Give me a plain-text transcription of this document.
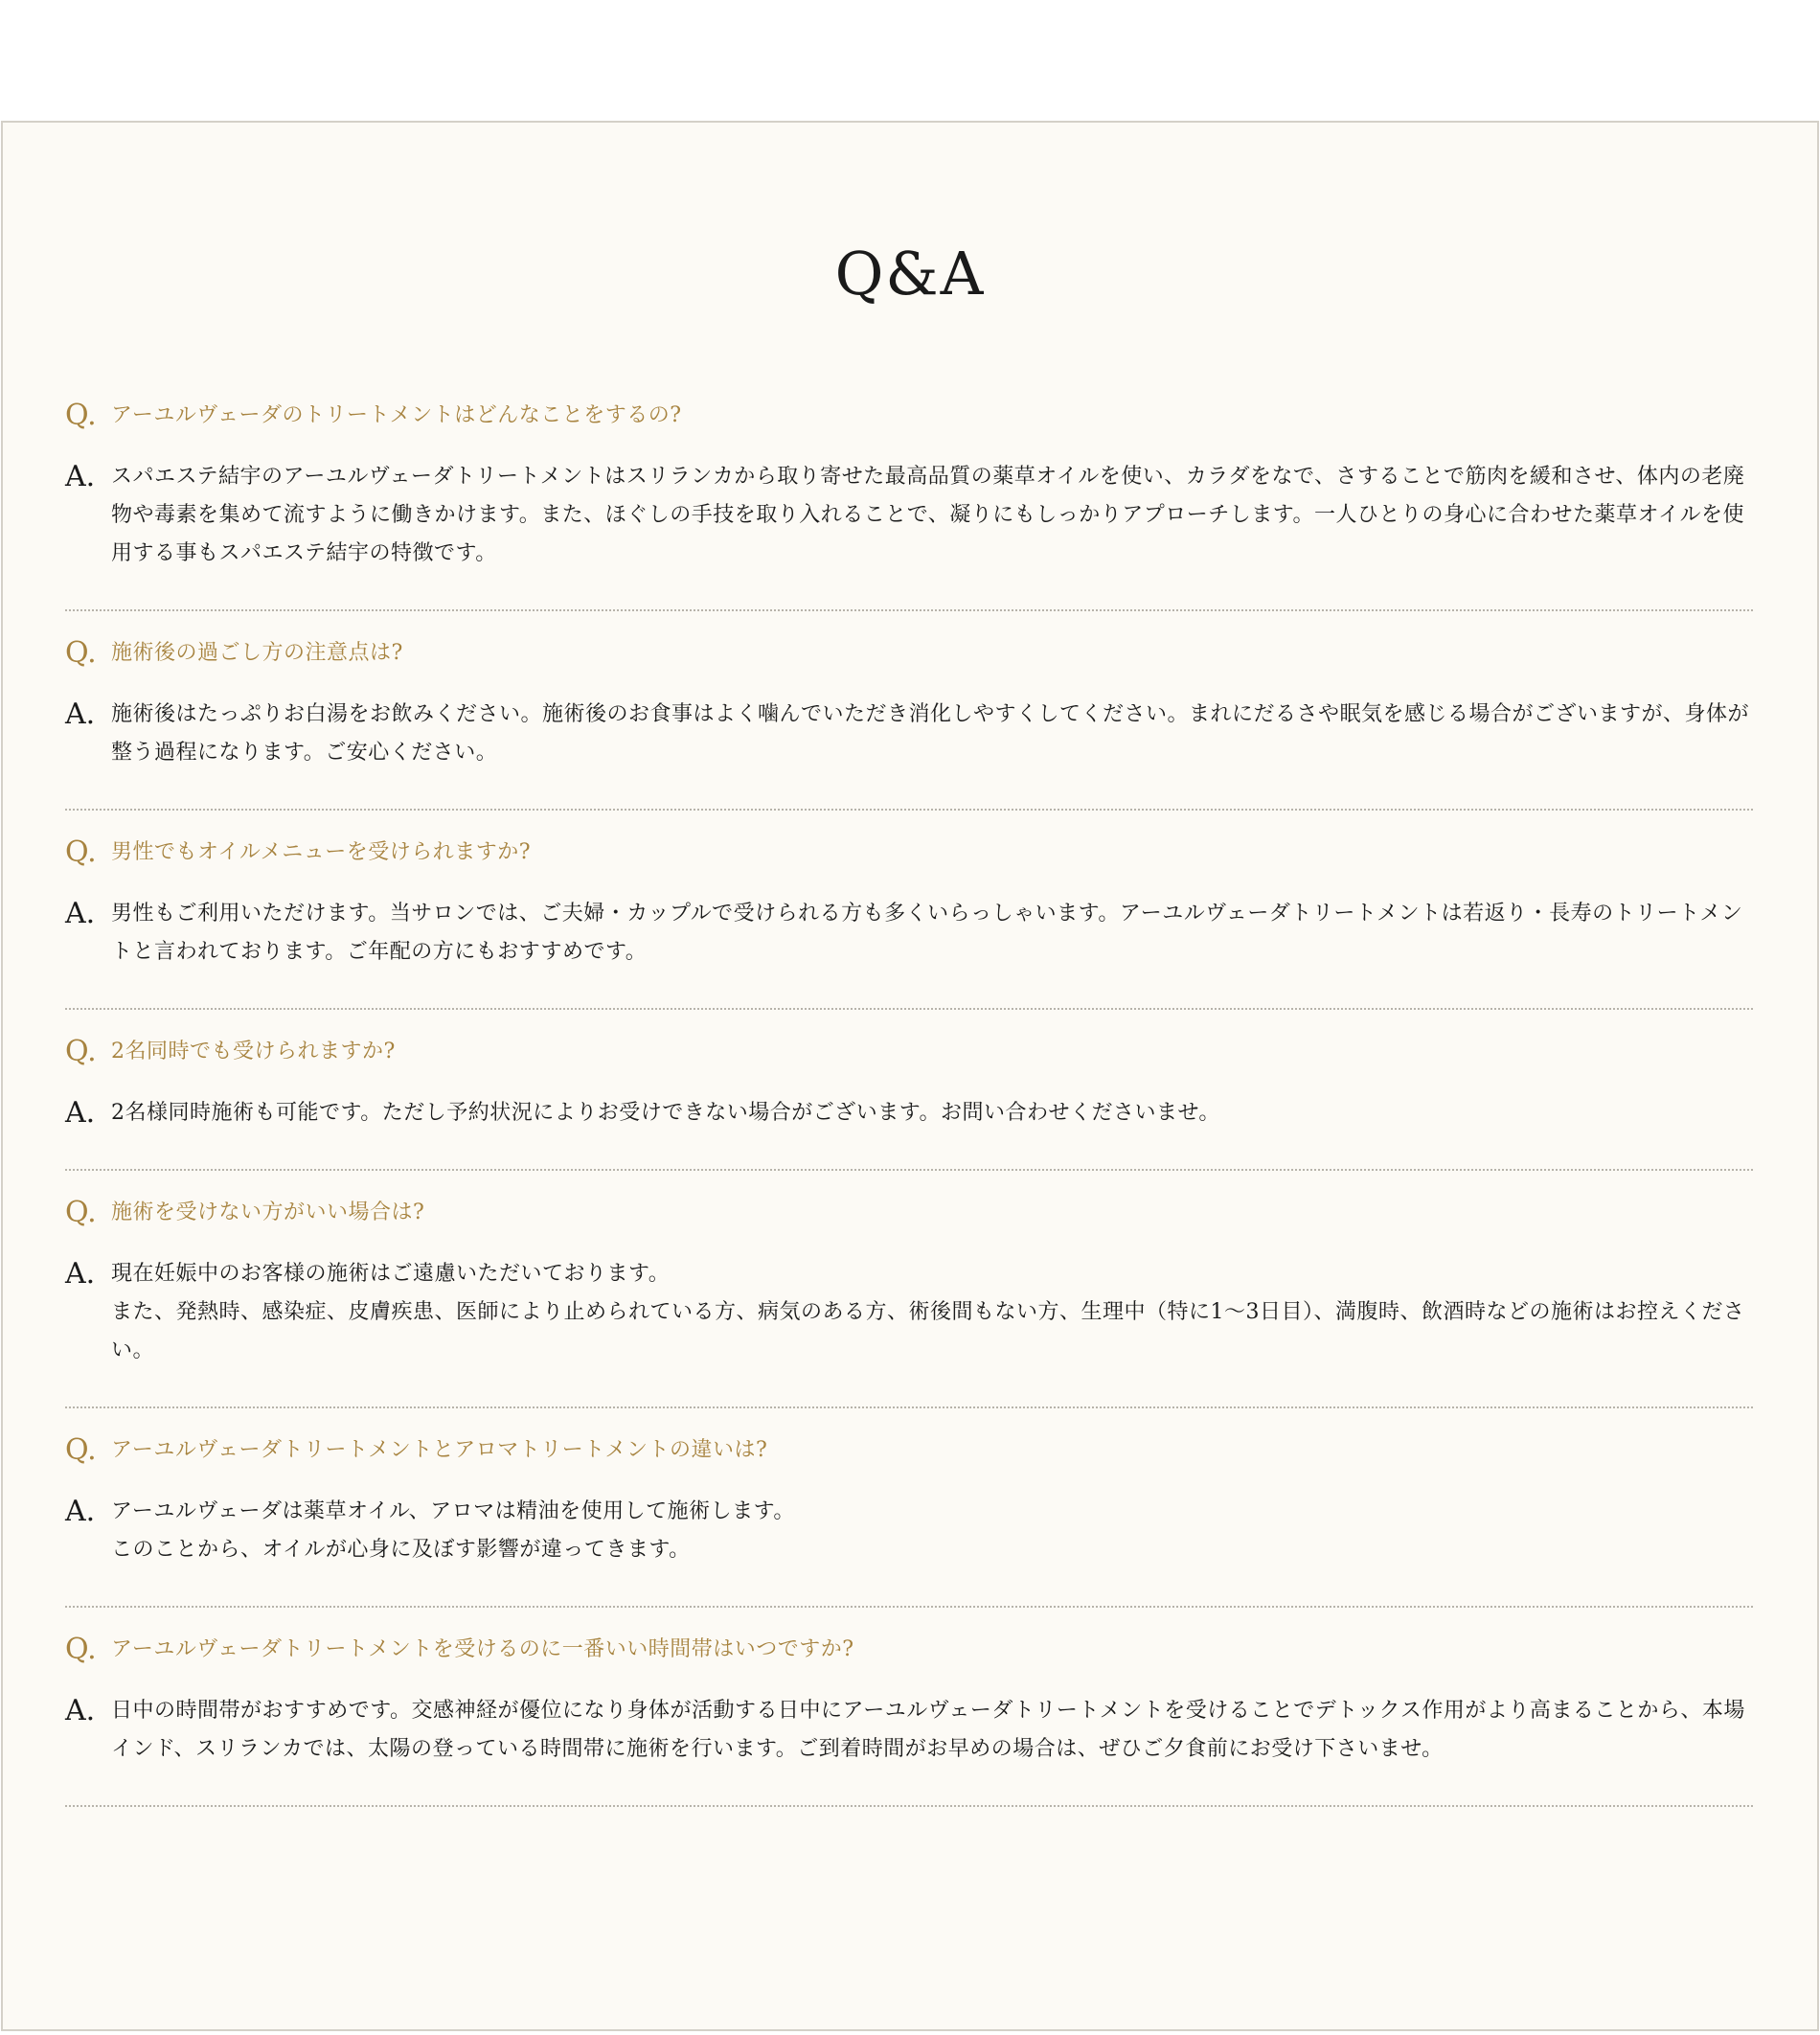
Q&A
Q. アーユルヴェーダのトリートメントはどんなことをするの?
A. スパエステ結宇のアーユルヴェーダトリートメントはスリランカから取り寄せた最高品質の薬草オイルを使い、カラダをなで、さすることで筋肉を緩和させ、体内の老廃物や毒素を集めて流すように働きかけます。また、ほぐしの手技を取り入れることで、凝りにもしっかりアプローチします。一人ひとりの身心に合わせた薬草オイルを使用する事もスパエステ結宇の特徴です。
Q. 施術後の過ごし方の注意点は?
A. 施術後はたっぷりお白湯をお飲みください。施術後のお食事はよく噛んでいただき消化しやすくしてください。まれにだるさや眠気を感じる場合がございますが、身体が整う過程になります。ご安心ください。
Q. 男性でもオイルメニューを受けられますか?
A. 男性もご利用いただけます。当サロンでは、ご夫婦・カップルで受けられる方も多くいらっしゃいます。アーユルヴェーダトリートメントは若返り・長寿のトリートメントと言われております。ご年配の方にもおすすめです。
Q. 2名同時でも受けられますか?
A. 2名様同時施術も可能です。ただし予約状況によりお受けできない場合がございます。お問い合わせくださいませ。
Q. 施術を受けない方がいい場合は?
A. 現在妊娠中のお客様の施術はご遠慮いただいております。
また、発熱時、感染症、皮膚疾患、医師により止められている方、病気のある方、術後間もない方、生理中（特に1〜3日目）、満腹時、飲酒時などの施術はお控えください。
Q. アーユルヴェーダトリートメントとアロマトリートメントの違いは?
A. アーユルヴェーダは薬草オイル、アロマは精油を使用して施術します。
このことから、オイルが心身に及ぼす影響が違ってきます。
Q. アーユルヴェーダトリートメントを受けるのに一番いい時間帯はいつですか?
A. 日中の時間帯がおすすめです。交感神経が優位になり身体が活動する日中にアーユルヴェーダトリートメントを受けることでデトックス作用がより高まることから、本場インド、スリランカでは、太陽の登っている時間帯に施術を行います。ご到着時間がお早めの場合は、ぜひご夕食前にお受け下さいませ。
